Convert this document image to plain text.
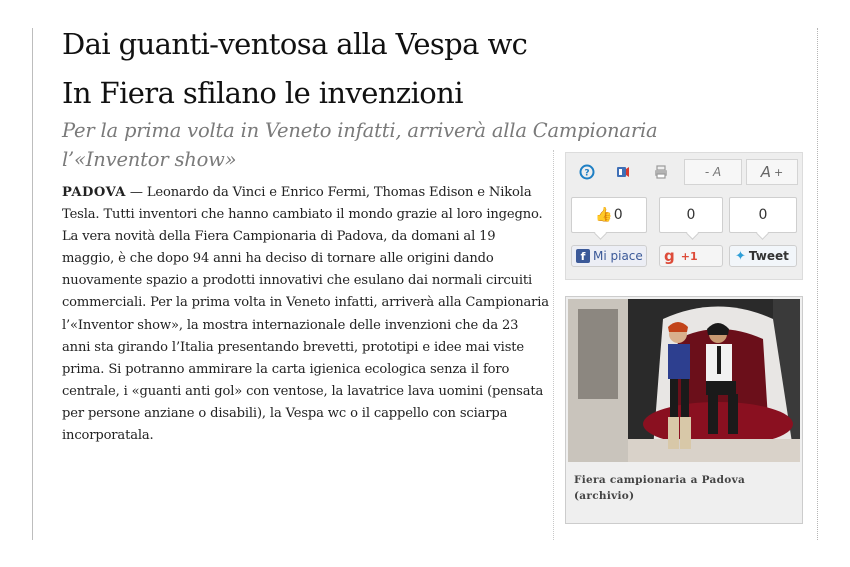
Dai guanti-ventosa alla Vespa wc
In Fiera sfilano le invenzioni
Per la prima volta in Veneto infatti, arriverà alla Campionaria l’«Inventor show»
PADOVA — Leonardo da Vinci e Enrico Fermi, Thomas Edison e Nikola Tesla. Tutti inventori che hanno cambiato il mondo grazie al loro ingegno. La vera novità della Fiera Campionaria di Padova, da domani al 19 maggio, è che dopo 94 anni ha deciso di tornare alle origini dando nuovamente spazio a prodotti innovativi che esulano dai normali circuiti commerciali. Per la prima volta in Veneto infatti, arriverà alla Campionaria l’«Inventor show», la mostra internazionale delle invenzioni che da 23 anni sta girando l’Italia presentando brevetti, prototipi e idee mai viste prima. Si potranno ammirare la carta igienica ecologica senza il foro centrale, i «guanti anti gol» con ventose, la lavatrice lava uomini (pensata per persone anziane o disabili), la Vespa wc o il cappello con sciarpa incorporatala.
?	- A	A +
👍 0	0	0
f Mi piace g +1	✦ Tweet
Fiera campionaria a Padova (archivio)
